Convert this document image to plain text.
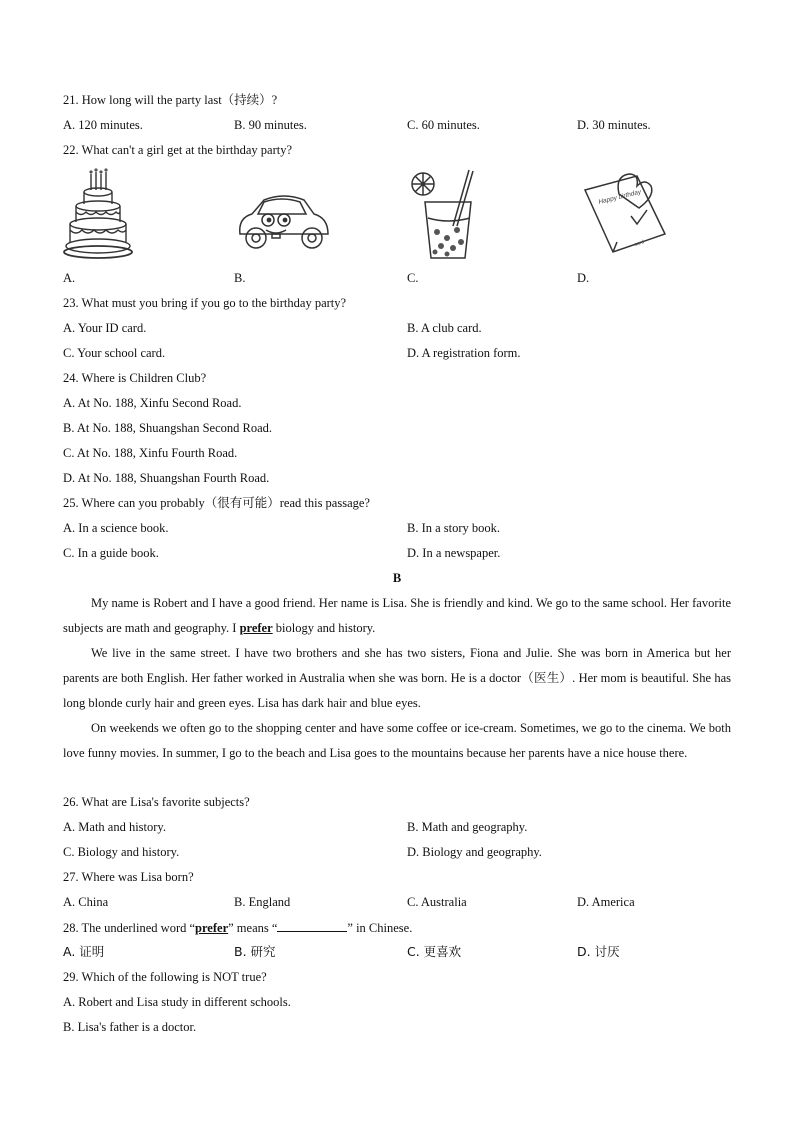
21. How long will the party last（持续）?
A. 120 minutes.	B. 90 minutes.	C. 60 minutes.	D. 30 minutes.
22. What can't a girl get at the birthday party?
Happy birthday
card
A.	B.	C.	D.
23. What must you bring if you go to the birthday party?
A. Your ID card.	B. A club card.
C. Your school card.	D. A registration form.
24. Where is Children Club?
A. At No. 188, Xinfu Second Road.
B. At No. 188, Shuangshan Second Road.
C. At No. 188, Xinfu Fourth Road.
D. At No. 188, Shuangshan Fourth Road.
25. Where can you probably（很有可能）read this passage?
A. In a science book.	B. In a story book.
C. In a guide book.	D. In a newspaper.
B
My name is Robert and I have a good friend. Her name is Lisa. She is friendly and kind. We go to the same school. Her favorite subjects are math and geography. I prefer biology and history.
We live in the same street. I have two brothers and she has two sisters, Fiona and Julie. She was born in America but her parents are both English. Her father worked in Australia when she was born. He is a doctor（医生）. Her mom is beautiful. She has long blonde curly hair and green eyes. Lisa has dark hair and blue eyes.
On weekends we often go to the shopping center and have some coffee or ice-cream. Sometimes, we go to the cinema. We both love funny movies. In summer, I go to the beach and Lisa goes to the mountains because her parents have a nice house there.
26. What are Lisa's favorite subjects?
A. Math and history.	B. Math and geography.
C. Biology and history.	D. Biology and geography.
27. Where was Lisa born?
A. China	B. England	C. Australia	D. America
28. The underlined word “prefer” means “	” in Chinese.
A. 证明	B. 研究	C. 更喜欢	D. 讨厌
29. Which of the following is NOT true?
A. Robert and Lisa study in different schools.
B. Lisa's father is a doctor.
